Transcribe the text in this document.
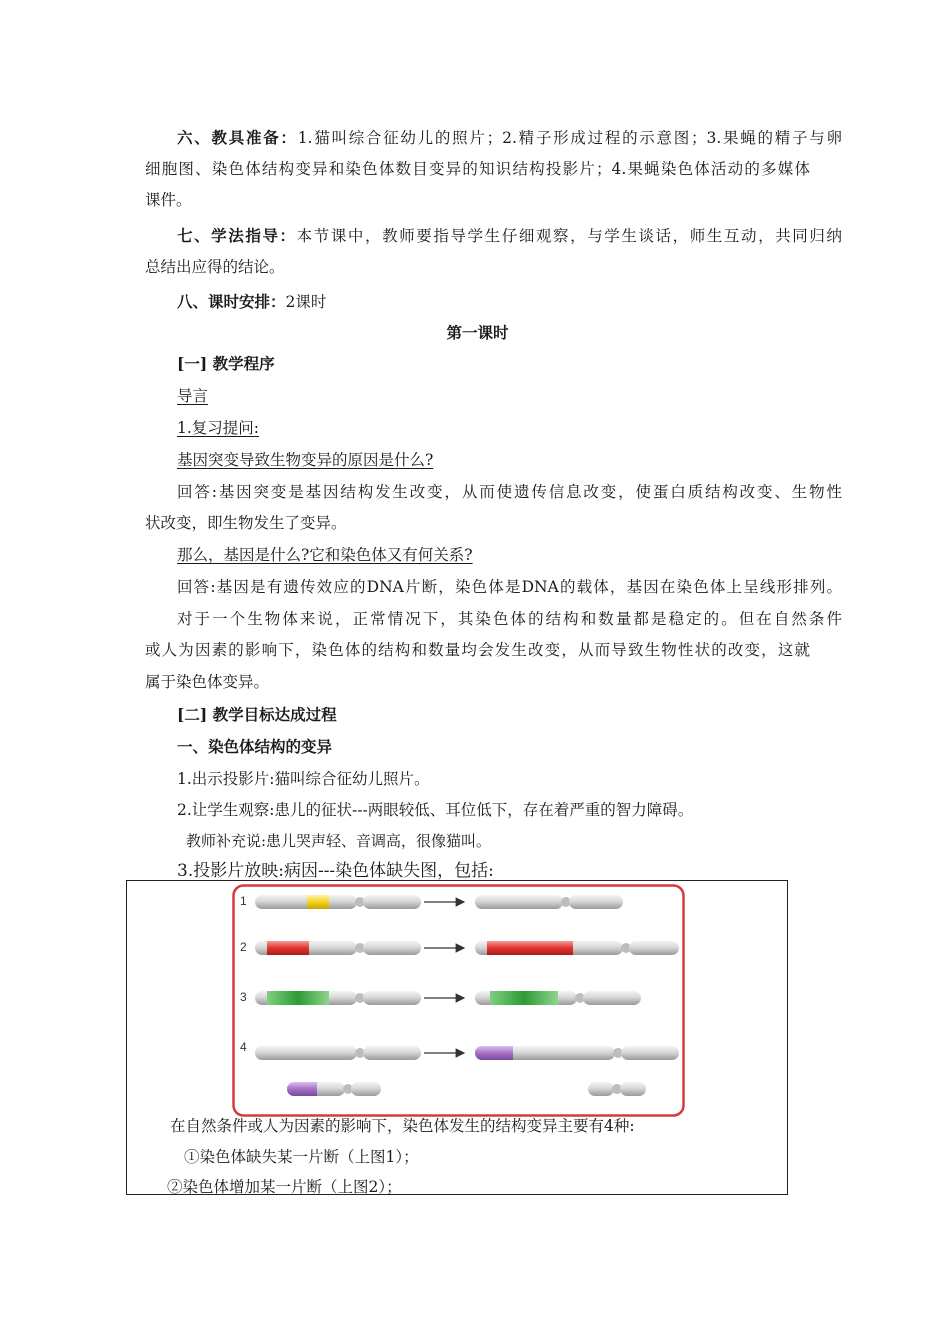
六、教具准备：1.猫叫综合征幼儿的照片；2.精子形成过程的示意图；3.果蝇的精子与卵
细胞图、染色体结构变异和染色体数目变异的知识结构投影片；4.果蝇染色体活动的多媒体
课件。
七、学法指导：本节课中，教师要指导学生仔细观察，与学生谈话，师生互动，共同归纳
总结出应得的结论。
八、课时安排：2课时
第一课时
[一] 教学程序
导言
1.复习提问:
基因突变导致生物变异的原因是什么?
回答:基因突变是基因结构发生改变，从而使遗传信息改变，使蛋白质结构改变、生物性
状改变，即生物发生了变异。
那么，基因是什么?它和染色体又有何关系?
回答:基因是有遗传效应的DNA片断，染色体是DNA的载体，基因在染色体上呈线形排列。
对于一个生物体来说，正常情况下，其染色体的结构和数量都是稳定的。但在自然条件
或人为因素的影响下，染色体的结构和数量均会发生改变，从而导致生物性状的改变，这就
属于染色体变异。
[二] 教学目标达成过程
一、染色体结构的变异
1.出示投影片:猫叫综合征幼儿照片。
2.让学生观察:患儿的征状---两眼较低、耳位低下，存在着严重的智力障碍。
教师补充说:患儿哭声轻、音调高，很像猫叫。
3.投影片放映:病因---染色体缺失图，包括:
1
2
3
4
在自然条件或人为因素的影响下，染色体发生的结构变异主要有4种:
①染色体缺失某一片断（上图1）；
②染色体增加某一片断（上图2）；
